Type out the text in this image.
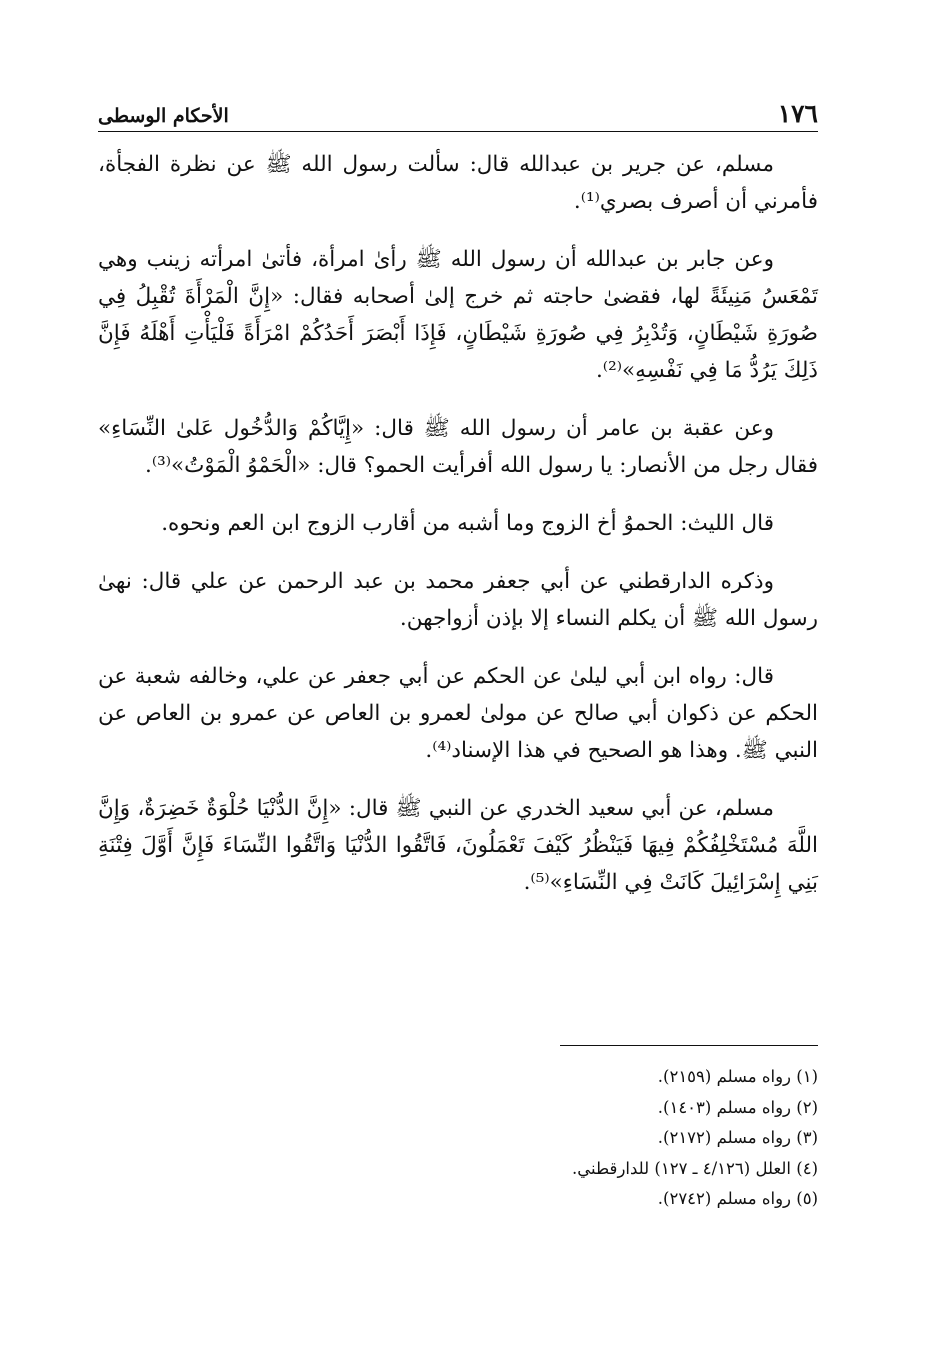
الأحكام الوسطى	١٧٦

مسلم، عن جرير بن عبدالله قال: سألت رسول الله ﷺ عن نظرة الفجأة، فأمرني أن أصرف بصري⁽¹⁾.

وعن جابر بن عبدالله أن رسول الله ﷺ رأىٰ امرأة، فأتىٰ امرأته زينب وهي تَمْعَسُ مَنِيئَةً لها، فقضىٰ حاجته ثم خرج إلىٰ أصحابه فقال: «إِنَّ الْمَرْأَةَ تُقْبِلُ فِي صُورَةِ شَيْطَانٍ، وَتُدْبِرُ فِي صُورَةِ شَيْطَانٍ، فَإِذَا أَبْصَرَ أَحَدُكُمْ امْرَأَةً فَلْيَأْتِ أَهْلَهُ فَإِنَّ ذَلِكَ يَرُدُّ مَا فِي نَفْسِهِ»⁽²⁾.

وعن عقبة بن عامر أن رسول الله ﷺ قال: «إِيَّاكُمْ وَالدُّخُول عَلىٰ النِّسَاءِ» فقال رجل من الأنصار: يا رسول الله أفرأيت الحمو؟ قال: «الْحَمْوُ الْمَوْتُ»⁽³⁾.

قال الليث: الحموُ أخ الزوج وما أشبه من أقارب الزوج ابن العم ونحوه.

وذكره الدارقطني عن أبي جعفر محمد بن عبد الرحمن عن علي قال: نهىٰ رسول الله ﷺ أن يكلم النساء إلا بإذن أزواجهن.

قال: رواه ابن أبي ليلىٰ عن الحكم عن أبي جعفر عن علي، وخالفه شعبة عن الحكم عن ذكوان أبي صالح عن مولىٰ لعمرو بن العاص عن عمرو بن العاص عن النبي ﷺ. وهذا هو الصحيح في هذا الإسناد⁽⁴⁾.

مسلم، عن أبي سعيد الخدري عن النبي ﷺ قال: «إِنَّ الدُّنْيَا حُلْوَةٌ خَضِرَةٌ، وَإِنَّ اللَّهَ مُسْتَخْلِفُكُمْ فِيهَا فَيَنْظُرُ كَيْفَ تَعْمَلُونَ، فَاتَّقُوا الدُّنْيَا وَاتَّقُوا النِّسَاءَ فَإِنَّ أَوَّلَ فِتْنَةِ بَنِي إِسْرَائِيلَ كَانَتْ فِي النِّسَاءِ»⁽⁵⁾.

(١) رواه مسلم (٢١٥٩).

(٢) رواه مسلم (١٤٠٣).

(٣) رواه مسلم (٢١٧٢).

(٤) العلل (٤/١٢٦ ـ ١٢٧) للدارقطني.

(٥) رواه مسلم (٢٧٤٢).
